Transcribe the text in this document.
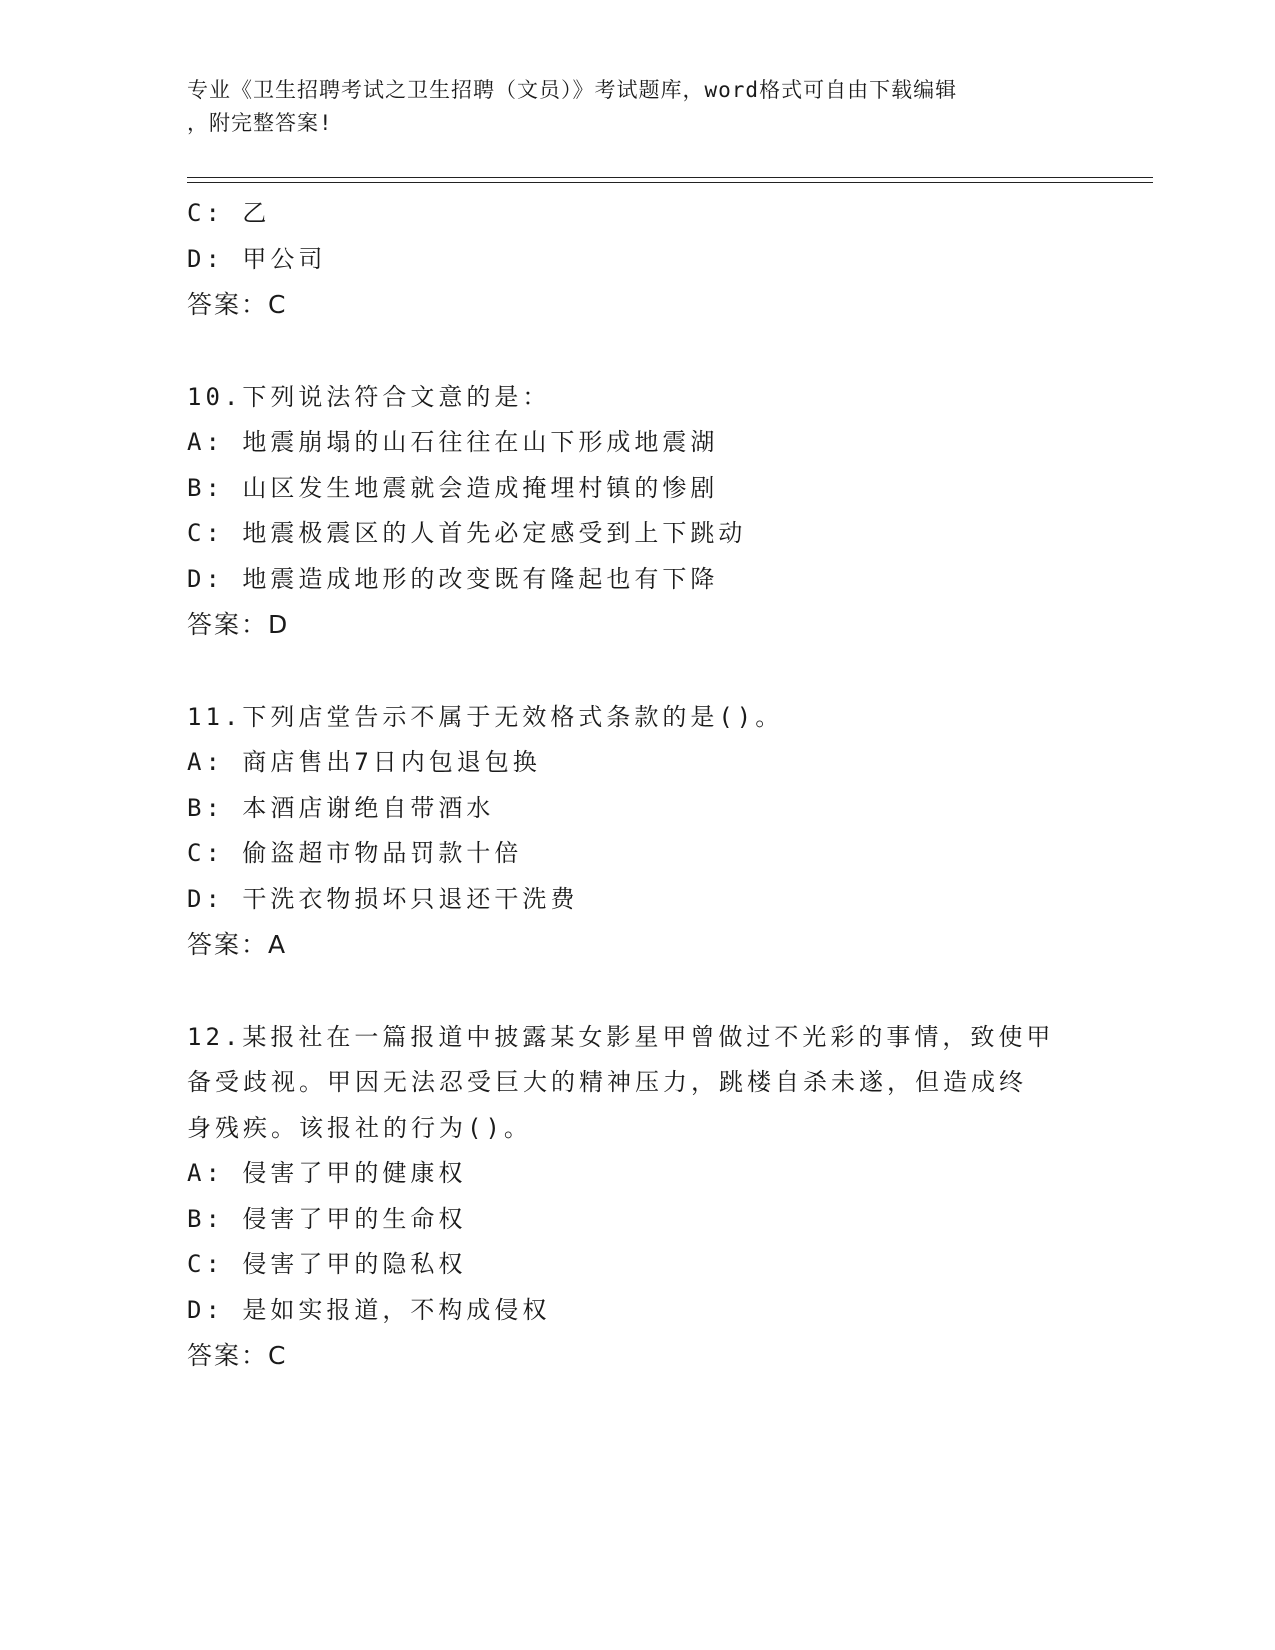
专业《卫生招聘考试之卫生招聘（文员）》考试题库，word格式可自由下载编辑
，附完整答案!
C: 乙
D: 甲公司
答案：C
10.下列说法符合文意的是：
A: 地震崩塌的山石往往在山下形成地震湖
B: 山区发生地震就会造成掩埋村镇的惨剧
C: 地震极震区的人首先必定感受到上下跳动
D: 地震造成地形的改变既有隆起也有下降
答案：D
11.下列店堂告示不属于无效格式条款的是()。
A: 商店售出7日内包退包换
B: 本酒店谢绝自带酒水
C: 偷盗超市物品罚款十倍
D: 干洗衣物损坏只退还干洗费
答案：A
12.某报社在一篇报道中披露某女影星甲曾做过不光彩的事情，致使甲
备受歧视。甲因无法忍受巨大的精神压力，跳楼自杀未遂，但造成终
身残疾。该报社的行为()。
A: 侵害了甲的健康权
B: 侵害了甲的生命权
C: 侵害了甲的隐私权
D: 是如实报道，不构成侵权
答案：C
